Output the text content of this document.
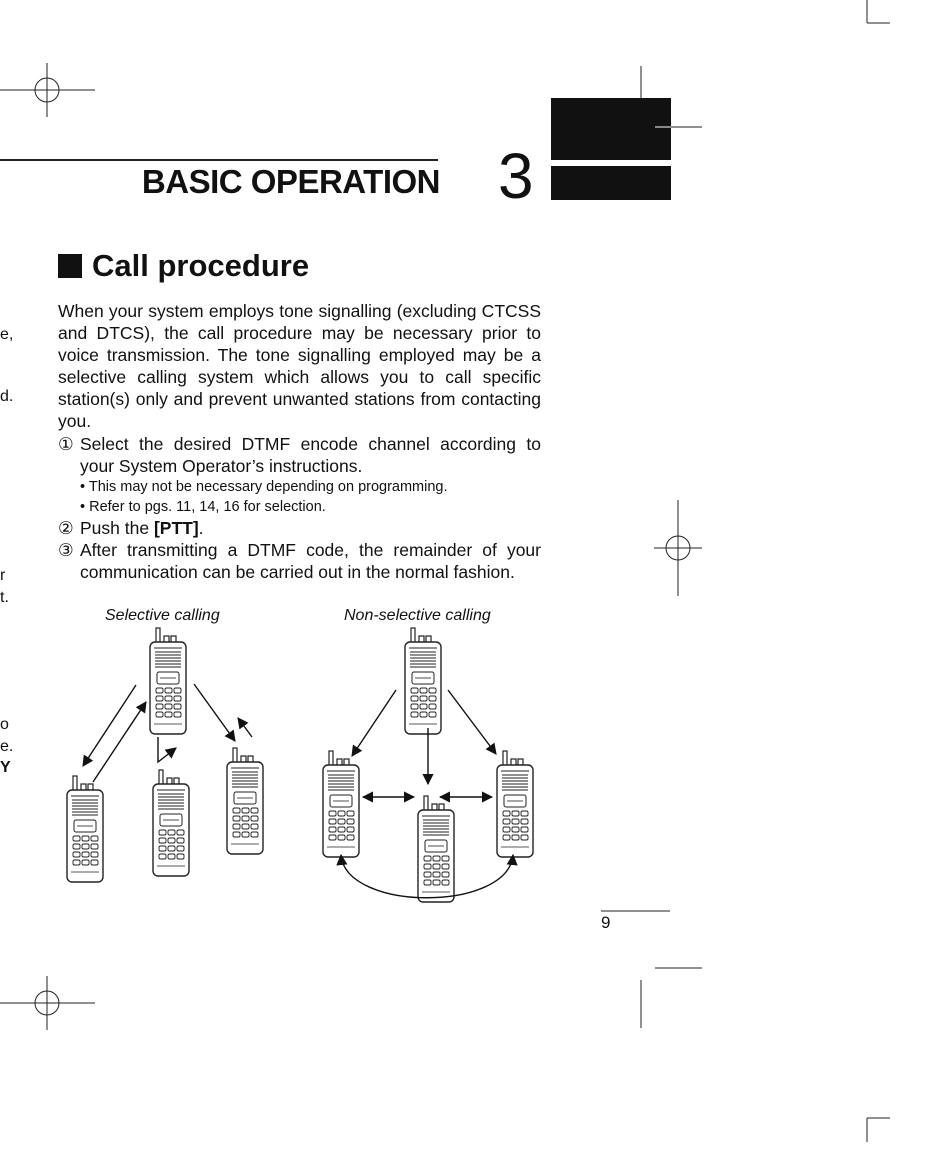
e,
d.
r
t.
o
e.
Y
BASIC OPERATION 3
Call procedure
When your system employs tone signalling (excluding CTCSS and DTCS), the call procedure may be necessary prior to voice transmission. The tone signalling employed may be a selective calling system which allows you to call specific station(s) only and prevent unwanted stations from contacting you.
① Select the desired DTMF encode channel according to your System Operator’s instructions.
• This may not be necessary depending on programming.
• Refer to pgs. 11, 14, 16 for selection.
② Push the [PTT].
③ After transmitting a DTMF code, the remainder of your communication can be carried out in the normal fashion.
Selective calling	Non-selective calling
9
